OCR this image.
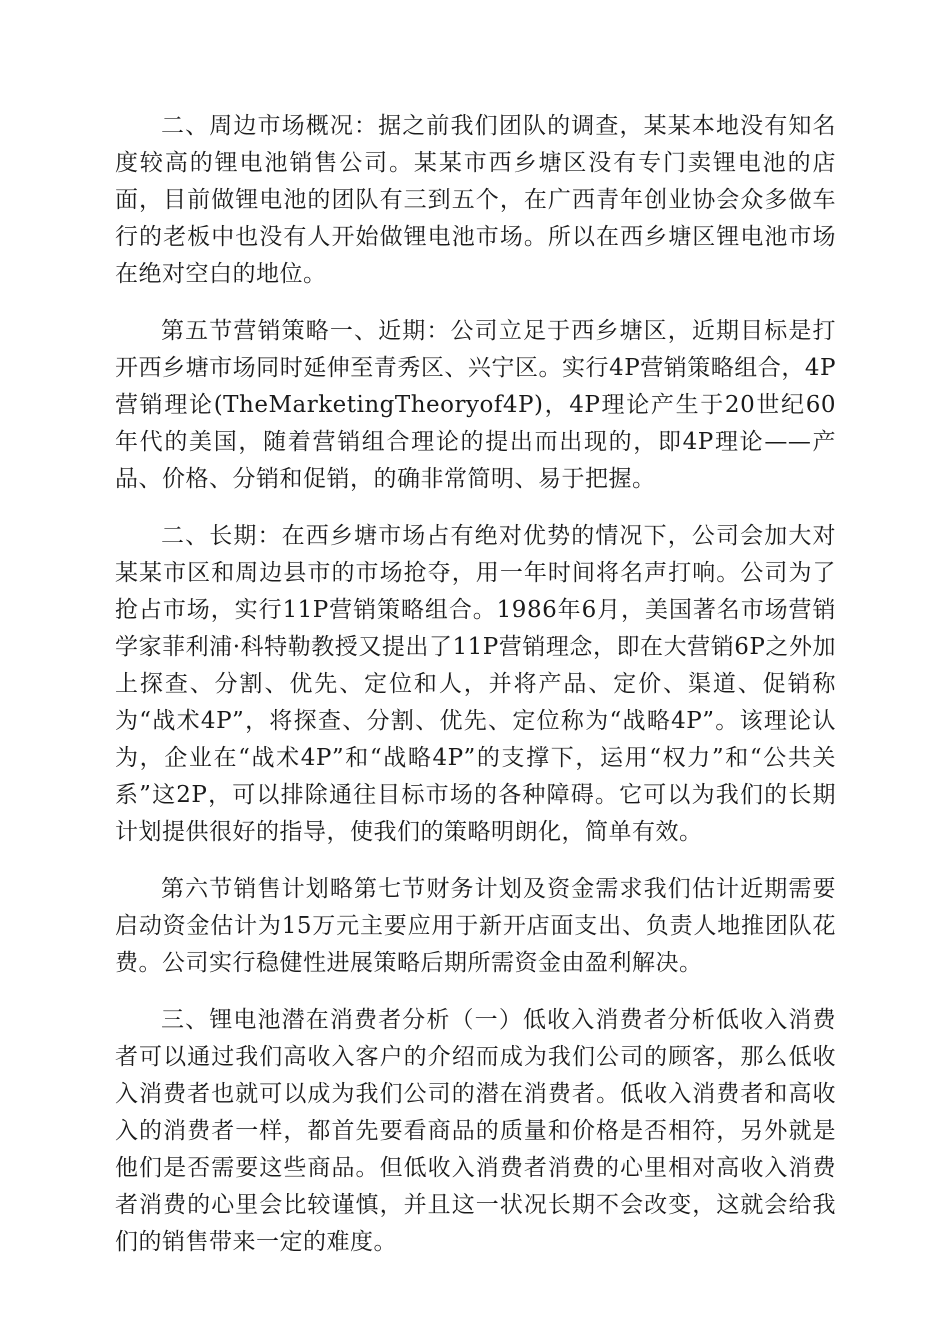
二、周边市场概况：据之前我们团队的调查，某某本地没有知名度较高的锂电池销售公司。某某市西乡塘区没有专门卖锂电池的店面，目前做锂电池的团队有三到五个，在广西青年创业协会众多做车行的老板中也没有人开始做锂电池市场。所以在西乡塘区锂电池市场在绝对空白的地位。

第五节营销策略一、近期：公司立足于西乡塘区，近期目标是打开西乡塘市场同时延伸至青秀区、兴宁区。实行4P营销策略组合，4P营销理论(TheMarketingTheoryof4P)，4P理论产生于20世纪60年代的美国，随着营销组合理论的提出而出现的，即4P理论——产品、价格、分销和促销，的确非常简明、易于把握。

二、长期：在西乡塘市场占有绝对优势的情况下，公司会加大对某某市区和周边县市的市场抢夺，用一年时间将名声打响。公司为了抢占市场，实行11P营销策略组合。1986年6月，美国著名市场营销学家菲利浦·科特勒教授又提出了11P营销理念，即在大营销6P之外加上探查、分割、优先、定位和人，并将产品、定价、渠道、促销称为“战术4P”，将探查、分割、优先、定位称为“战略4P”。该理论认为，企业在“战术4P”和“战略4P”的支撑下，运用“权力”和“公共关系”这2P，可以排除通往目标市场的各种障碍。它可以为我们的长期计划提供很好的指导，使我们的策略明朗化，简单有效。

第六节销售计划略第七节财务计划及资金需求我们估计近期需要启动资金估计为15万元主要应用于新开店面支出、负责人地推团队花费。公司实行稳健性进展策略后期所需资金由盈利解决。

三、锂电池潜在消费者分析（一）低收入消费者分析低收入消费者可以通过我们高收入客户的介绍而成为我们公司的顾客，那么低收入消费者也就可以成为我们公司的潜在消费者。低收入消费者和高收入的消费者一样，都首先要看商品的质量和价格是否相符，另外就是他们是否需要这些商品。但低收入消费者消费的心里相对高收入消费者消费的心里会比较谨慎，并且这一状况长期不会改变，这就会给我们的销售带来一定的难度。
